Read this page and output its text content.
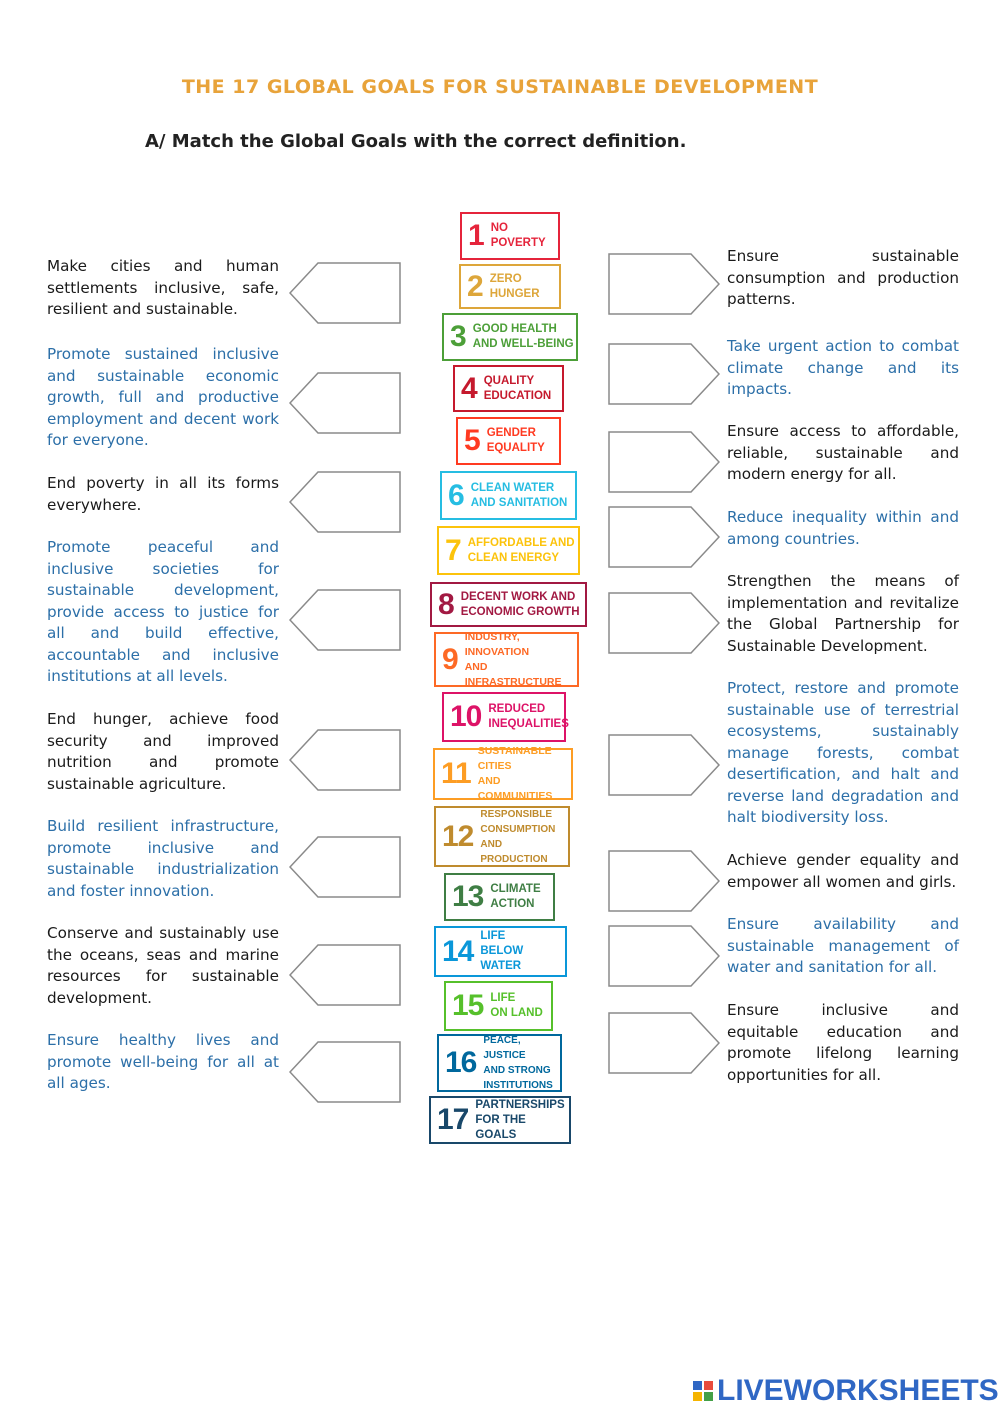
THE 17 GLOBAL GOALS FOR SUSTAINABLE DEVELOPMENT
A/ Match the Global Goals with the correct definition.

Make cities and human settlements inclusive, safe, resilient and sustainable.

Promote sustained inclusive and sustainable economic growth, full and productive employment and decent work for everyone.

End poverty in all its forms everywhere.

Promote peaceful and inclusive societies for sustainable development, provide access to justice for all and build effective, accountable and inclusive institutions at all levels.

End hunger, achieve food security and improved nutrition and promote sustainable agriculture.

Build resilient infrastructure, promote inclusive and sustainable industrialization and foster innovation.

Conserve and sustainably use the oceans, seas and marine resources for sustainable development.

Ensure healthy lives and promote well-being for all at all ages.

Ensure sustainable consumption and production patterns.

Take urgent action to combat climate change and its impacts.

Ensure access to affordable, reliable, sustainable and modern energy for all.

Reduce inequality within and among countries.

Strengthen the means of implementation and revitalize the Global Partnership for Sustainable Development.

Protect, restore and promote sustainable use of terrestrial ecosystems, sustainably manage forests, combat desertification, and halt and reverse land degradation and halt biodiversity loss.

Achieve gender equality and empower all women and girls.

Ensure availability and sustainable management of water and sanitation for all.

Ensure inclusive and equitable education and promote lifelong learning opportunities for all.

1 NO
POVERTY
2 ZERO
HUNGER
3 GOOD HEALTH
AND WELL-BEING
4 QUALITY
EDUCATION
5 GENDER
EQUALITY
6 CLEAN WATER
AND SANITATION
7 AFFORDABLE AND
CLEAN ENERGY
8 DECENT WORK AND
ECONOMIC GROWTH
9
INDUSTRY, INNOVATION
AND INFRASTRUCTURE
10 REDUCED
INEQUALITIES
11
SUSTAINABLE CITIES
AND COMMUNITIES
12
RESPONSIBLE
CONSUMPTION
AND PRODUCTION
13 CLIMATE
ACTION
14 LIFE
BELOW WATER
15 LIFE
ON LAND
16
PEACE, JUSTICE
AND STRONG
INSTITUTIONS
17 PARTNERSHIPS
FOR THE GOALS
LIVEWORKSHEETS
